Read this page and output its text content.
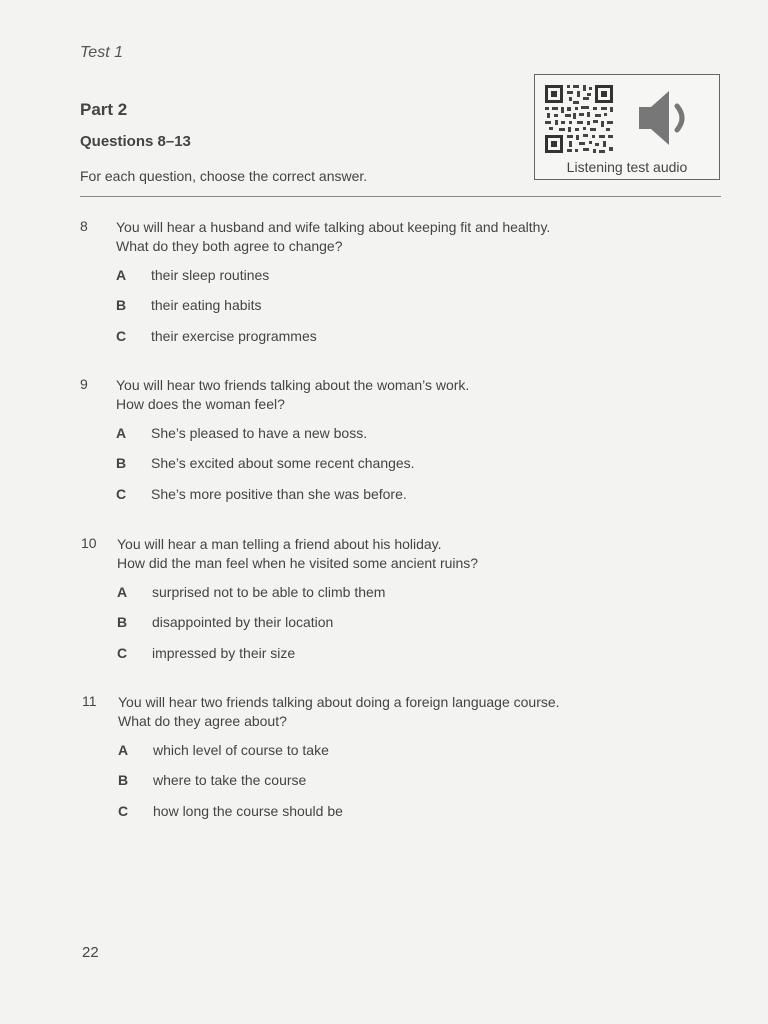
Test 1
Part 2
Questions 8–13
For each question, choose the correct answer.
Listening test audio
8 You will hear a husband and wife talking about keeping fit and healthy.
What do they both agree to change?
A their sleep routines
B their eating habits
C their exercise programmes
9 You will hear two friends talking about the woman’s work.
How does the woman feel?
A She’s pleased to have a new boss.
B She’s excited about some recent changes.
C She’s more positive than she was before.
10 You will hear a man telling a friend about his holiday.
How did the man feel when he visited some ancient ruins?
A surprised not to be able to climb them
B disappointed by their location
C impressed by their size
11 You will hear two friends talking about doing a foreign language course.
What do they agree about?
A which level of course to take
B where to take the course
C how long the course should be
22
